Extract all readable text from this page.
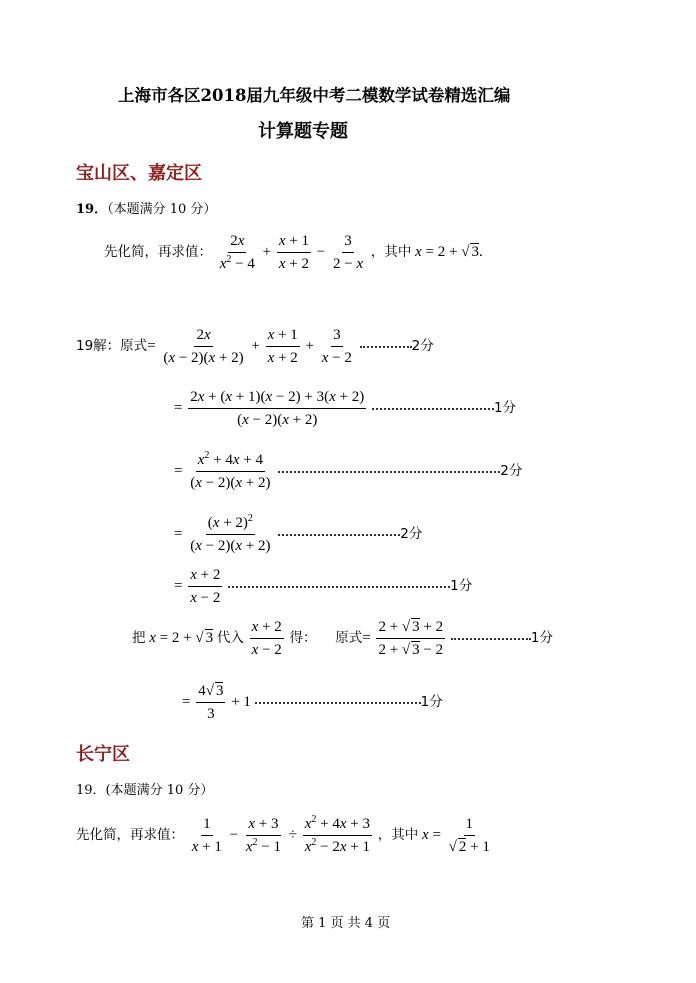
上海市各区2018届九年级中考二模数学试卷精选汇编
计算题专题
宝山区、嘉定区
19．（本题满分 10 分）
先化简，再求值： $\frac{2x}{x^2 - 4} + \frac{x + 1}{x + 2} - \frac{3}{2 - x}$ ，其中 x = 2 + √ 3.
19解：原式= $\frac{2x}{(x - 2)(x + 2)} + \frac{x + 1}{x + 2} + \frac{3}{x - 2}$	2分
= $\frac{2x + (x + 1)(x - 2) + 3(x + 2)}{(x - 2)(x + 2)}$	1分
= $\frac{x^2 + 4x + 4}{(x - 2)(x + 2)}$	2分
= $\frac{(x + 2)^2}{(x - 2)(x + 2)}$	2分
= $\frac{x + 2}{x - 2}$	1分
把 x = 2 + √ 3 代入 $\frac{x + 2}{x - 2}$ 得： 原式= $\frac{2 + √ 3 + 2}{2 + √ 3 - 2}$	1分
= $\frac{4√ 3}{3} + 1$	1分
长宁区
19．(本题满分 10 分）
先化简，再求值： $\frac{1}{x + 1} - \frac{x + 3}{x^2 - 1} \div \frac{x^2 + 4x + 3}{x^2 - 2x + 1}$ ，其中 $x = \frac{1}{√ 2 + 1}$
第 1 页 共 4 页
